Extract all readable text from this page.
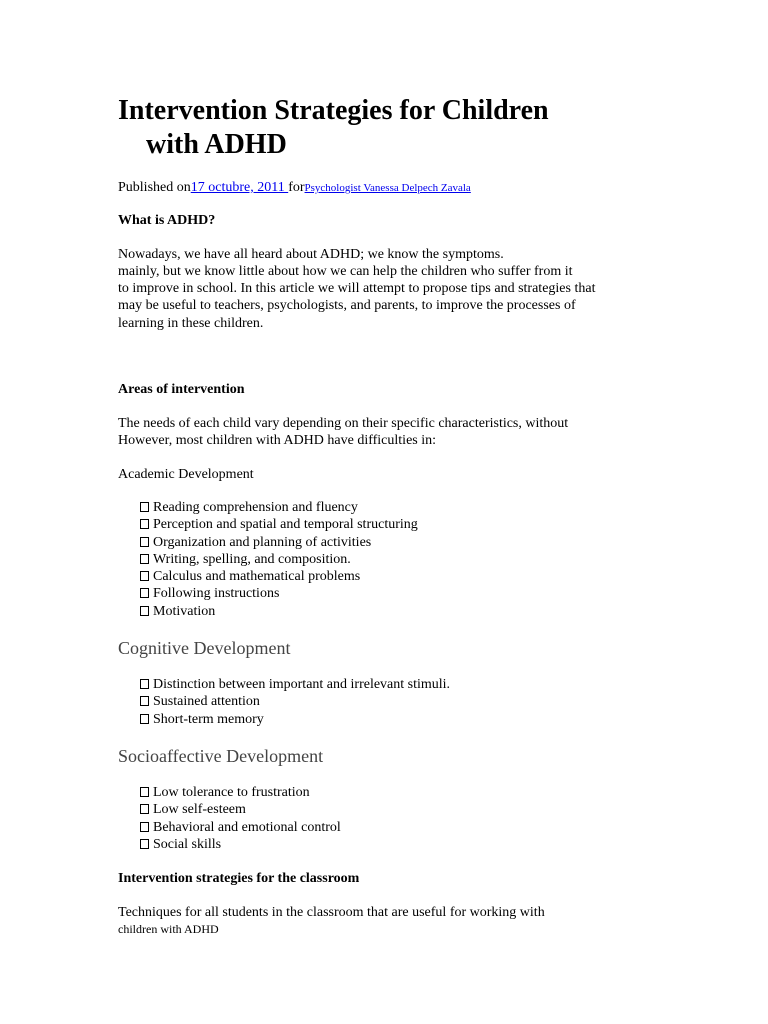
Intervention Strategies for Children
with ADHD
Published on17 octubre, 2011 forPsychologist Vanessa Delpech Zavala

What is ADHD?

Nowadays, we have all heard about ADHD; we know the symptoms.

mainly, but we know little about how we can help the children who suffer from it

to improve in school. In this article we will attempt to propose tips and strategies that

may be useful to teachers, psychologists, and parents, to improve the processes of

learning in these children.

Areas of intervention

The needs of each child vary depending on their specific characteristics, without

However, most children with ADHD have difficulties in:

Academic Development

Reading comprehension and fluency
Perception and spatial and temporal structuring
Organization and planning of activities
Writing, spelling, and composition.
Calculus and mathematical problems
Following instructions
Motivation
Cognitive Development
Distinction between important and irrelevant stimuli.
Sustained attention
Short-term memory
Socioaffective Development
Low tolerance to frustration
Low self-esteem
Behavioral and emotional control
Social skills

Intervention strategies for the classroom

Techniques for all students in the classroom that are useful for working with

children with ADHD
